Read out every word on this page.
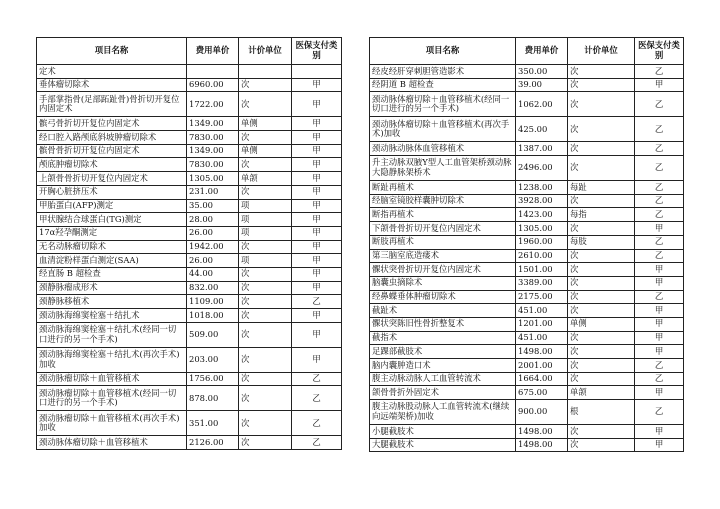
项目名称	费用单价	计价单位	医保支付类别
定术			
垂体瘤切除术	6960.00	次	甲
手部掌指骨(足部跖趾骨)骨折切开复位内固定术	1722.00	次	甲
髌弓骨折切开复位内固定术	1349.00	单侧	甲
经口腔入路颅底斜坡肿瘤切除术	7830.00	次	甲
髌骨骨折切开复位内固定术	1349.00	单侧	甲
颅底肿瘤切除术	7830.00	次	甲
上颌骨骨折切开复位内固定术	1305.00	单颌	甲
开胸心脏挤压术	231.00	次	甲
甲胎蛋白(AFP)测定	35.00	项	甲
甲状腺结合球蛋白(TG)测定	28.00	项	甲
17α羟孕酮测定	26.00	项	甲
无名动脉瘤切除术	1942.00	次	甲
血清淀粉样蛋白测定(SAA)	26.00	项	甲
经直肠 B 超检查	44.00	次	甲
颈静脉瘤成形术	832.00	次	甲
颈静脉移植术	1109.00	次	乙
颈动脉海绵窦栓塞＋结扎术	1018.00	次	甲
颈动脉海绵窦栓塞＋结扎术(经同一切口进行的另一个手术)	509.00	次	甲
颈动脉海绵窦栓塞＋结扎术(再次手术)加收	203.00	次	甲
颈动脉瘤切除＋血管移植术	1756.00	次	乙
颈动脉瘤切除＋血管移植术(经同一切口进行的另一个手术)	878.00	次	乙
颈动脉瘤切除＋血管移植术(再次手术)加收	351.00	次	乙
颈动脉体瘤切除＋血管移植术	2126.00	次	乙
项目名称	费用单价	计价单位	医保支付类别
经皮经肝穿刺胆管造影术	350.00	次	乙
经阴道 B 超检查	39.00	次	甲
颈动脉体瘤切除＋血管移植术(经同一切口进行的另一个手术)	1062.00	次	乙
颈动脉体瘤切除＋血管移植术(再次手术)加收	425.00	次	乙
颈动脉动脉体血管移植术	1387.00	次	乙
升主动脉双腋Y型人工血管架桥颈动脉大隐静脉架桥术	2496.00	次	乙
断趾再植术	1238.00	每趾	乙
经脑室镜胶样囊肿切除术	3928.00	次	乙
断指再植术	1423.00	每指	乙
下颌骨骨折切开复位内固定术	1305.00	次	甲
断肢再植术	1960.00	每肢	乙
第三脑室底造瘘术	2610.00	次	乙
髁状突骨折切开复位内固定术	1501.00	次	甲
脑囊虫摘除术	3389.00	次	甲
经鼻蝶垂体肿瘤切除术	2175.00	次	乙
截趾术	451.00	次	甲
髁状突陈旧性骨折整复术	1201.00	单侧	甲
截指术	451.00	次	甲
足踝部截肢术	1498.00	次	甲
脑内囊肿造口术	2001.00	次	乙
腹主动脉动脉人工血管转流术	1664.00	次	乙
颌骨骨折外固定术	675.00	单颌	甲
腹主动脉股动脉人工血管转流术(继续向远端架桥)加收	900.00	根	乙
小腿截肢术	1498.00	次	甲
大腿截肢术	1498.00	次	甲
